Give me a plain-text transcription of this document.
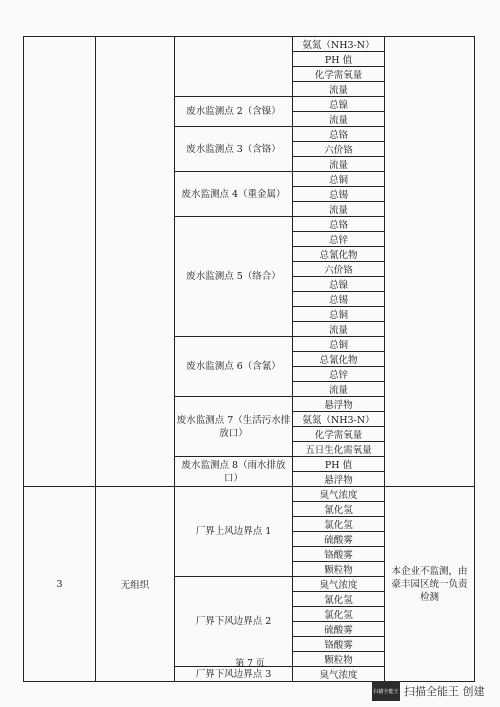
			氨氮（NH3-N）	
			PH 值	
			化学需氧量	
			流量	
		废水监测点 2（含镍）	总镍	
			流量	
		废水监测点 3（含铬）	总铬	
			六价铬	
			流量	
		废水监测点 4（重金属）	总铜	
			总锡	
			流量	
		废水监测点 5（络合）	总铬	
			总锌	
			总氰化物	
			六价铬	
			总镍	
			总锡	
			总铜	
			流量	
		废水监测点 6（含氰）	总铜	
			总氰化物	
			总锌	
			流量	
		废水监测点 7（生活污水排放口）	悬浮物	
			氨氮（NH3-N）	
			化学需氧量	
			五日生化需氧量	
		废水监测点 8（雨水排放口）	PH 值	
			悬浮物	
3	无组织	厂界上风边界点 1	臭气浓度	本企业不监测，由豪丰园区统一负责检测
			氰化氢	
			氯化氢	
			硫酸雾	
			铬酸雾	
			颗粒物	
		厂界下风边界点 2	臭气浓度	
			氰化氢	
			氯化氢	
			硫酸雾	
			铬酸雾	
			颗粒物	
		厂界下风边界点 3	臭气浓度	
第 7 页
扫描全能王 扫描全能王 创建
